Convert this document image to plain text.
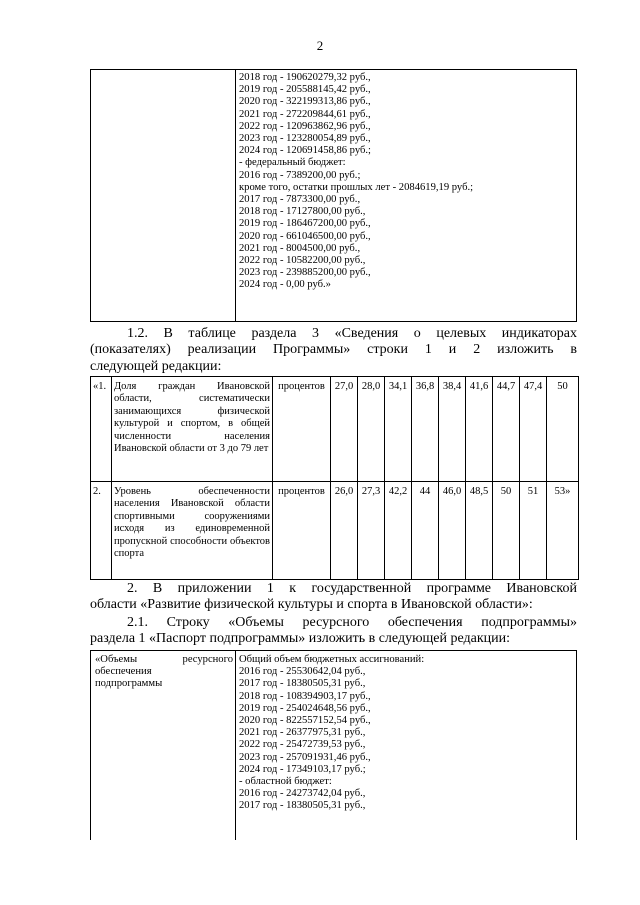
2
2018 год - 190620279,32 руб.,
2019 год - 205588145,42 руб.,
2020 год - 322199313,86 руб.,
2021 год - 272209844,61 руб.,
2022 год - 120963862,96 руб.,
2023 год - 123280054,89 руб.,
2024 год - 120691458,86 руб.;
- федеральный бюджет:
2016 год - 7389200,00 руб.;
кроме того, остатки прошлых лет - 2084619,19 руб.;
2017 год - 7873300,00 руб.,
2018 год - 17127800,00 руб.,
2019 год - 186467200,00 руб.,
2020 год - 661046500,00 руб.,
2021 год - 8004500,00 руб.,
2022 год - 10582200,00 руб.,
2023 год - 239885200,00 руб.,
2024 год - 0,00 руб.»
1.2. В таблице раздела 3 «Сведения о целевых индикаторах
(показателях) реализации Программы» строки 1 и 2 изложить в
следующей редакции:
«1.	Доля граждан Ивановской области, систематически занимающихся физической культурой и спортом, в общей численности населения Ивановской области от 3 до 79 лет	процентов	27,0	28,0	34,1	36,8	38,4	41,6	44,7	47,4	50
2.	Уровень обеспеченности населения Ивановской области спортивными сооружениями исходя из единовременной пропускной способности объектов спорта	процентов	26,0	27,3	42,2	44	46,0	48,5	50	51	53»
2. В приложении 1 к государственной программе Ивановской
области «Развитие физической культуры и спорта в Ивановской области»:
2.1. Строку «Объемы ресурсного обеспечения подпрограммы»
раздела 1 «Паспорт подпрограммы» изложить в следующей редакции:
«Объемы ресурсного
обеспечения
подпрограммы
Общий объем бюджетных ассигнований:
2016 год - 25530642,04 руб.,
2017 год - 18380505,31 руб.,
2018 год - 108394903,17 руб.,
2019 год - 254024648,56 руб.,
2020 год - 822557152,54 руб.,
2021 год - 26377975,31 руб.,
2022 год - 25472739,53 руб.,
2023 год - 257091931,46 руб.,
2024 год - 17349103,17 руб.;
- областной бюджет:
2016 год - 24273742,04 руб.,
2017 год - 18380505,31 руб.,
